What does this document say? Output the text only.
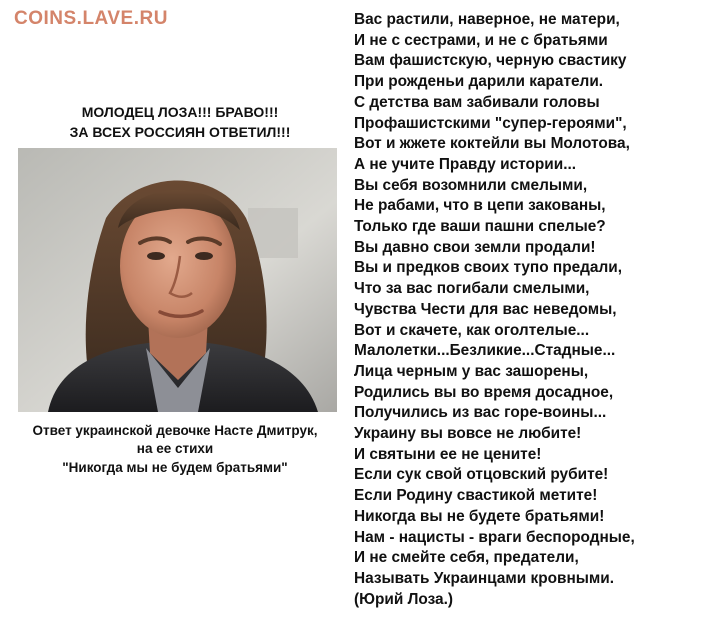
COINS.LAVE.RU
МОЛОДЕЦ ЛОЗА!!! БРАВО!!!
ЗА ВСЕХ РОССИЯН ОТВЕТИЛ!!!
Ответ украинской девочке Насте Дмитрук,
на ее стихи
"Никогда мы не будем братьями"
Вас растили, наверное, не матери,
И не с сестрами, и не с братьями
Вам фашистскую, черную свастику
При рожденьи дарили каратели.
С детства вам забивали головы
Профашистскими "супер-героями",
Вот и жжете коктейли вы Молотова,
А не учите Правду истории...
Вы себя возомнили смелыми,
Не рабами, что в цепи закованы,
Только где ваши пашни спелые?
Вы давно свои земли продали!
Вы и предков своих тупо предали,
Что за вас погибали смелыми,
Чувства Чести для вас неведомы,
Вот и скачете, как оголтелые...
Малолетки...Безликие...Стадные...
Лица черным у вас зашорены,
Родились вы во время досадное,
Получились из вас горе-воины...
Украину вы вовсе не любите!
И святыни ее не цените!
Если сук свой отцовский рубите!
Если Родину свастикой метите!
Никогда вы не будете братьями!
Нам - нацисты - враги беспородные,
И не смейте себя, предатели,
Называть Украинцами кровными.
(Юрий Лоза.)
